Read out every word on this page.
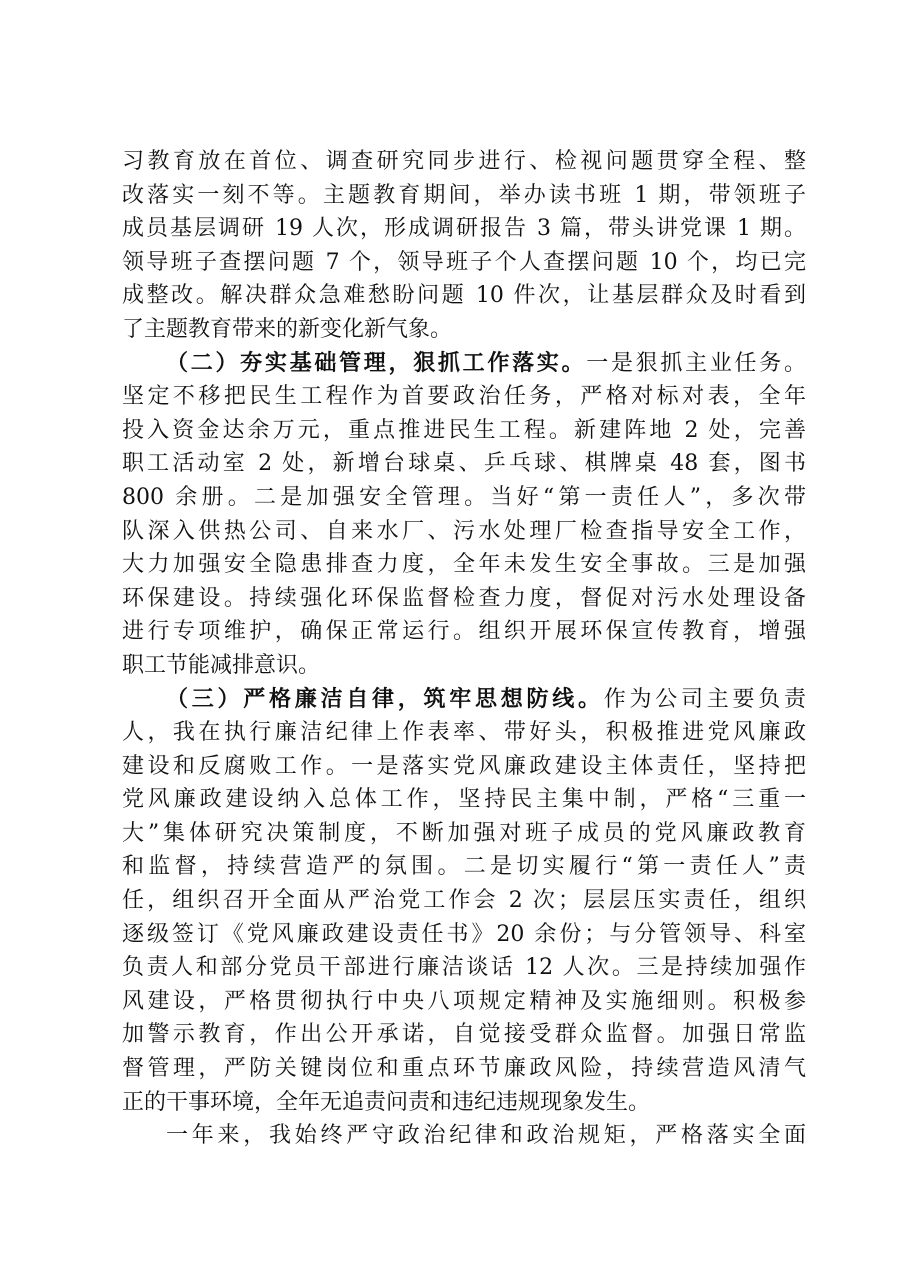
习教育放在首位、调查研究同步进行、检视问题贯穿全程、整
改落实一刻不等。主题教育期间，举办读书班 1 期，带领班子
成员基层调研 19 人次，形成调研报告 3 篇，带头讲党课 1 期。
领导班子查摆问题 7 个，领导班子个人查摆问题 10 个，均已完
成整改。解决群众急难愁盼问题 10 件次，让基层群众及时看到
了主题教育带来的新变化新气象。
（二）夯实基础管理，狠抓工作落实。一是狠抓主业任务。
坚定不移把民生工程作为首要政治任务，严格对标对表，全年
投入资金达余万元，重点推进民生工程。新建阵地 2 处，完善
职工活动室 2 处，新增台球桌、乒乓球、棋牌桌 48 套，图书
800 余册。二是加强安全管理。当好“第一责任人”，多次带
队深入供热公司、自来水厂、污水处理厂检查指导安全工作，
大力加强安全隐患排查力度，全年未发生安全事故。三是加强
环保建设。持续强化环保监督检查力度，督促对污水处理设备
进行专项维护，确保正常运行。组织开展环保宣传教育，增强
职工节能减排意识。
（三）严格廉洁自律，筑牢思想防线。作为公司主要负责
人，我在执行廉洁纪律上作表率、带好头，积极推进党风廉政
建设和反腐败工作。一是落实党风廉政建设主体责任，坚持把
党风廉政建设纳入总体工作，坚持民主集中制，严格“三重一
大”集体研究决策制度，不断加强对班子成员的党风廉政教育
和监督，持续营造严的氛围。二是切实履行“第一责任人”责
任，组织召开全面从严治党工作会 2 次；层层压实责任，组织
逐级签订《党风廉政建设责任书》20 余份；与分管领导、科室
负责人和部分党员干部进行廉洁谈话 12 人次。三是持续加强作
风建设，严格贯彻执行中央八项规定精神及实施细则。积极参
加警示教育，作出公开承诺，自觉接受群众监督。加强日常监
督管理，严防关键岗位和重点环节廉政风险，持续营造风清气
正的干事环境，全年无追责问责和违纪违规现象发生。
一年来，我始终严守政治纪律和政治规矩，严格落实全面
